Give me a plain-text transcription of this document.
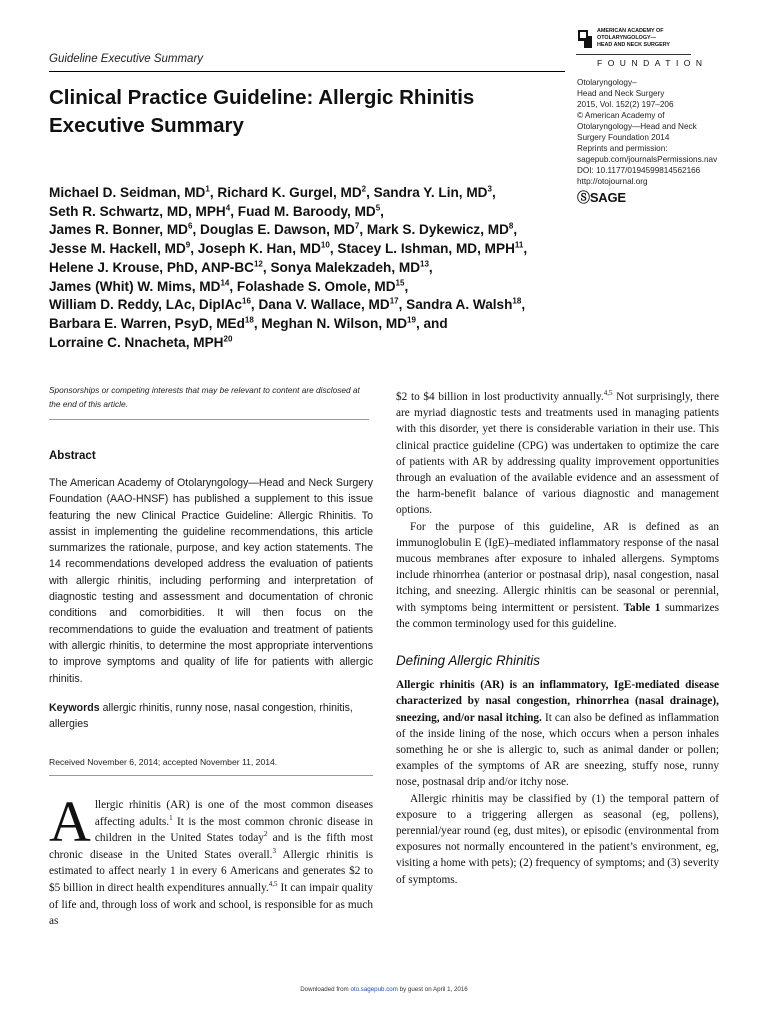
Guideline Executive Summary
AMERICAN ACADEMY OF
OTOLARYNGOLOGY—
HEAD AND NECK SURGERY
FOUNDATION
Otolaryngology–
Head and Neck Surgery
2015, Vol. 152(2) 197–206
© American Academy of
Otolaryngology—Head and Neck
Surgery Foundation 2014
Reprints and permission:
sagepub.com/journalsPermissions.nav
DOI: 10.1177/0194599814562166
http://otojournal.org
ⓈSAGE
Clinical Practice Guideline: Allergic Rhinitis Executive Summary
Michael D. Seidman, $MD^1$, Richard K. Gurgel, $MD^2$, Sandra Y. Lin, $MD^3$,
Seth R. Schwartz, MD, MPH$^4$, Fuad M. Baroody, $MD^5$,
James R. Bonner, $MD^6$, Douglas E. Dawson, $MD^7$, Mark S. Dykewicz, $MD^8$,
Jesse M. Hackell, $MD^9$, Joseph K. Han, MD$^{10}$, Stacey L. Ishman, MD, MPH$^{11}$,
Helene J. Krouse, PhD, ANP-BC$^{12}$, Sonya Malekzadeh, MD$^{13}$,
James (Whit) W. Mims, MD$^{14}$, Folashade S. Omole, MD$^{15}$,
William D. Reddy, LAc, DiplAc$^{16}$, Dana V. Wallace, MD$^{17}$, Sandra A. Walsh$^{18}$,
Barbara E. Warren, PsyD, MEd$^{18}$, Meghan N. Wilson, MD$^{19}$, and
Lorraine C. Nnacheta, MPH$^{20}$
Sponsorships or competing interests that may be relevant to content are disclosed at the end of this article.
Abstract
The American Academy of Otolaryngology—Head and Neck Surgery Foundation (AAO-HNSF) has published a supplement to this issue featuring the new Clinical Practice Guideline: Allergic Rhinitis. To assist in implementing the guideline recommendations, this article summarizes the rationale, purpose, and key action statements. The 14 recommendations developed address the evaluation of patients with allergic rhinitis, including performing and interpretation of diagnostic testing and assessment and documentation of chronic conditions and comorbidities. It will then focus on the recommendations to guide the evaluation and treatment of patients with allergic rhinitis, to determine the most appropriate interventions to improve symptoms and quality of life for patients with allergic rhinitis.
Keywords allergic rhinitis, runny nose, nasal congestion, rhinitis, allergies
Received November 6, 2014; accepted November 11, 2014.
Allergic rhinitis (AR) is one of the most common diseases affecting adults.$^1$ It is the most common chronic disease in children in the United States today$^2$ and is the fifth most chronic disease in the United States overall.$^3$ Allergic rhinitis is estimated to affect nearly 1 in every 6 Americans and generates $2 to $5 billion in direct health expenditures annually.$^{4,5}$ It can impair quality of life and, through loss of work and school, is responsible for as much as

$2 to $4 billion in lost productivity annually.$^{4,5}$ Not surprisingly, there are myriad diagnostic tests and treatments used in managing patients with this disorder, yet there is considerable variation in their use. This clinical practice guideline (CPG) was undertaken to optimize the care of patients with AR by addressing quality improvement opportunities through an evaluation of the available evidence and an assessment of the harm-benefit balance of various diagnostic and management options.

For the purpose of this guideline, AR is defined as an immunoglobulin E (IgE)–mediated inflammatory response of the nasal mucous membranes after exposure to inhaled allergens. Symptoms include rhinorrhea (anterior or postnasal drip), nasal congestion, nasal itching, and sneezing. Allergic rhinitis can be seasonal or perennial, with symptoms being intermittent or persistent. Table 1 summarizes the common terminology used for this guideline.

Defining Allergic Rhinitis

Allergic rhinitis (AR) is an inflammatory, IgE-mediated disease characterized by nasal congestion, rhinorrhea (nasal drainage), sneezing, and/or nasal itching. It can also be defined as inflammation of the inside lining of the nose, which occurs when a person inhales something he or she is allergic to, such as animal dander or pollen; examples of the symptoms of AR are sneezing, stuffy nose, runny nose, postnasal drip and/or itchy nose.

Allergic rhinitis may be classified by (1) the temporal pattern of exposure to a triggering allergen as seasonal (eg, pollens), perennial/year round (eg, dust mites), or episodic (environmental from exposures not normally encountered in the patient’s environment, eg, visiting a home with pets); (2) frequency of symptoms; and (3) severity of symptoms.

Downloaded from oto.sagepub.com by guest on April 1, 2016
